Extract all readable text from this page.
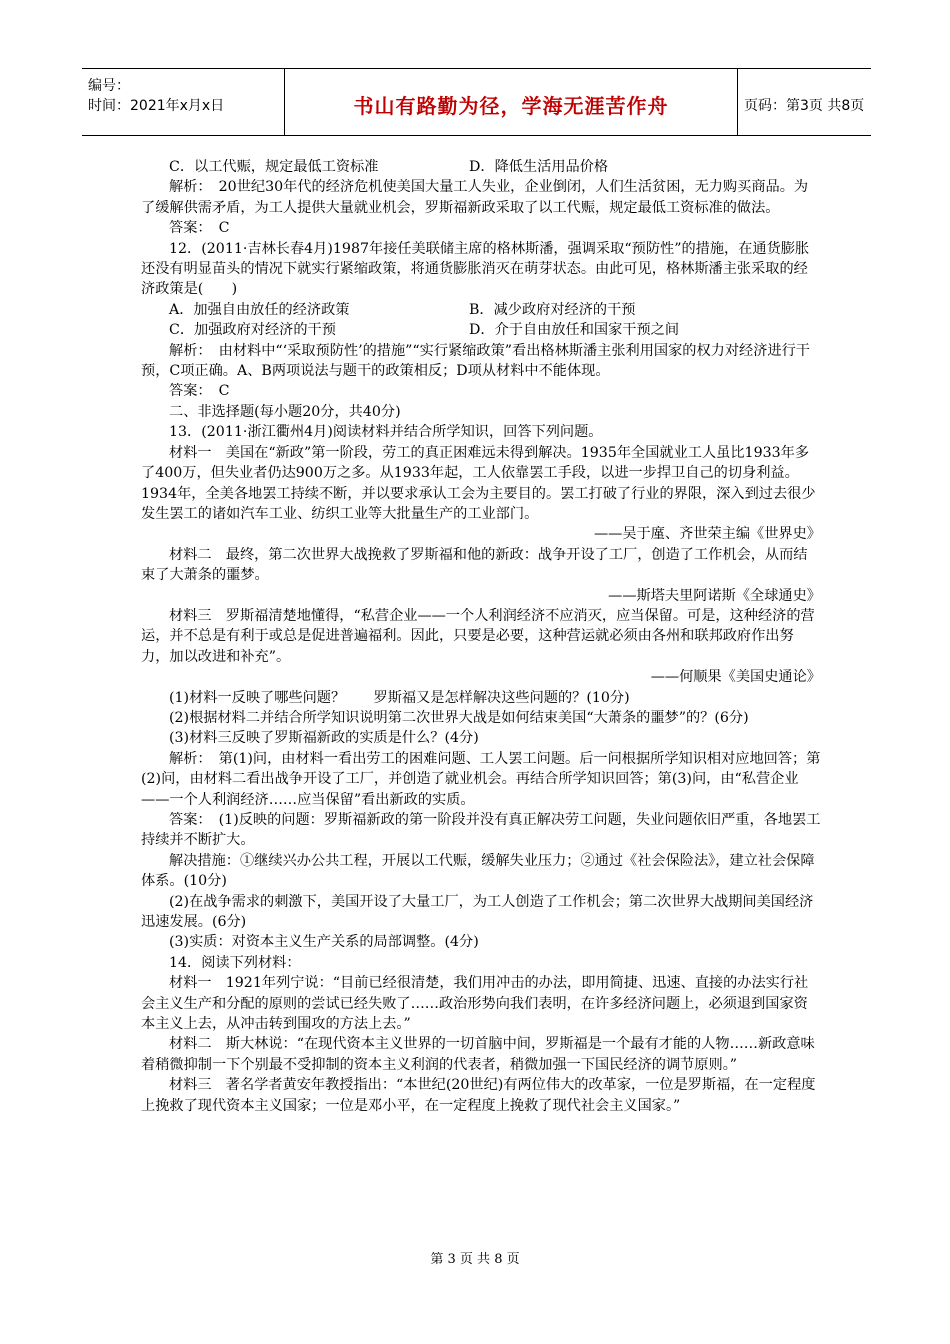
编号：
时间：2021年x月x日	书山有路勤为径，学海无涯苦作舟	页码：第3页 共8页

C．以工代赈，规定最低工资标准	D．降低生活用品价格

解析：　20世纪30年代的经济危机使美国大量工人失业，企业倒闭，人们生活贫困，无力购买商品。为了缓解供需矛盾，为工人提供大量就业机会，罗斯福新政采取了以工代赈，规定最低工资标准的做法。

答案：　C

12．(2011·吉林长春4月)1987年接任美联储主席的格林斯潘，强调采取“预防性”的措施，在通货膨胀还没有明显苗头的情况下就实行紧缩政策，将通货膨胀消灭在萌芽状态。由此可见，格林斯潘主张采取的经济政策是(　　)

A．加强自由放任的经济政策	B．减少政府对经济的干预

C．加强政府对经济的干预	D．介于自由放任和国家干预之间

解析：　由材料中“‘采取预防性’的措施”“实行紧缩政策”看出格林斯潘主张利用国家的权力对经济进行干预，C项正确。A、B两项说法与题干的政策相反；D项从材料中不能体现。

答案：　C

二、非选择题(每小题20分，共40分)

13．(2011·浙江衢州4月)阅读材料并结合所学知识，回答下列问题。

材料一　美国在“新政”第一阶段，劳工的真正困难远未得到解决。1935年全国就业工人虽比1933年多了400万，但失业者仍达900万之多。从1933年起，工人依靠罢工手段，以进一步捍卫自己的切身利益。1934年，全美各地罢工持续不断，并以要求承认工会为主要目的。罢工打破了行业的界限，深入到过去很少发生罢工的诸如汽车工业、纺织工业等大批量生产的工业部门。

——吴于廑、齐世荣主编《世界史》

材料二　最终，第二次世界大战挽救了罗斯福和他的新政：战争开设了工厂，创造了工作机会，从而结束了大萧条的噩梦。

——斯塔夫里阿诺斯《全球通史》

材料三　罗斯福清楚地懂得，“私营企业——一个人利润经济不应消灭，应当保留。可是，这种经济的营运，并不总是有利于或总是促进普遍福利。因此，只要是必要，这种营运就必须由各州和联邦政府作出努力，加以改进和补充”。

——何顺果《美国史通论》

(1)材料一反映了哪些问题？　　罗斯福又是怎样解决这些问题的？(10分)

(2)根据材料二并结合所学知识说明第二次世界大战是如何结束美国“大萧条的噩梦”的？(6分)

(3)材料三反映了罗斯福新政的实质是什么？(4分)

解析：　第(1)问，由材料一看出劳工的困难问题、工人罢工问题。后一问根据所学知识相对应地回答；第(2)问，由材料二看出战争开设了工厂，并创造了就业机会。再结合所学知识回答；第(3)问，由“私营企业——一个人利润经济……应当保留”看出新政的实质。

答案：　(1)反映的问题：罗斯福新政的第一阶段并没有真正解决劳工问题，失业问题依旧严重，各地罢工持续并不断扩大。

解决措施：①继续兴办公共工程，开展以工代赈，缓解失业压力；②通过《社会保险法》，建立社会保障体系。(10分)

(2)在战争需求的刺激下，美国开设了大量工厂，为工人创造了工作机会；第二次世界大战期间美国经济迅速发展。(6分)

(3)实质：对资本主义生产关系的局部调整。(4分)

14．阅读下列材料：

材料一　1921年列宁说：“目前已经很清楚，我们用冲击的办法，即用简捷、迅速、直接的办法实行社会主义生产和分配的原则的尝试已经失败了……政治形势向我们表明，在许多经济问题上，必须退到国家资本主义上去，从冲击转到围攻的方法上去。”

材料二　斯大林说：“在现代资本主义世界的一切首脑中间，罗斯福是一个最有才能的人物……新政意味着稍微抑制一下个别最不受抑制的资本主义利润的代表者，稍微加强一下国民经济的调节原则。”

材料三　著名学者黄安年教授指出：“本世纪(20世纪)有两位伟大的改革家，一位是罗斯福，在一定程度上挽救了现代资本主义国家；一位是邓小平，在一定程度上挽救了现代社会主义国家。”

第 3 页 共 8 页
